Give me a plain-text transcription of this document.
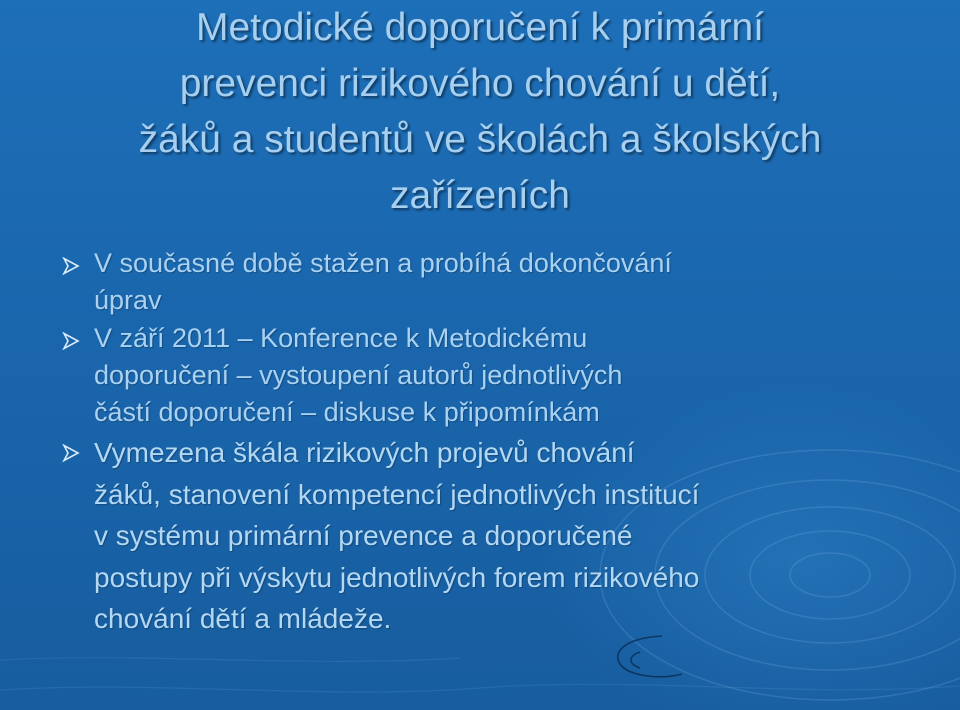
Metodické doporučení k primární
prevenci rizikového chování u dětí,
žáků a studentů ve školách a školských
zařízeních
V současné době stažen a probíhá dokončování
úprav
V září 2011 – Konference k Metodickému
doporučení – vystoupení autorů jednotlivých
částí doporučení – diskuse k připomínkám
Vymezena škála rizikových projevů chování
žáků, stanovení kompetencí jednotlivých institucí
v systému primární prevence a doporučené
postupy při výskytu jednotlivých forem rizikového
chování dětí a mládeže.
